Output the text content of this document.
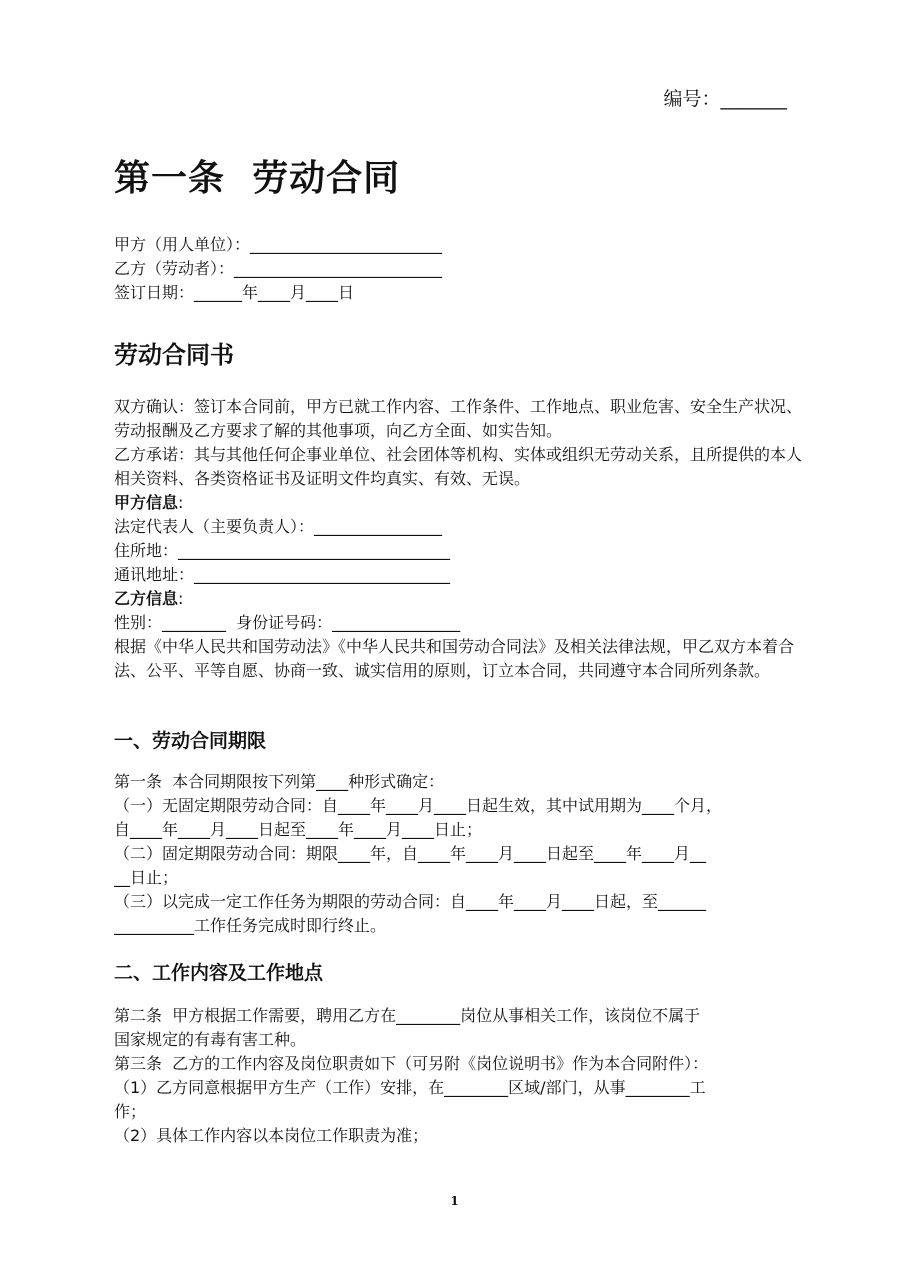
编号：_______
第一条  劳动合同
甲方（用人单位）：________________________
乙方（劳动者）：__________________________
签订日期：______年____月____日
劳动合同书
双方确认：签订本合同前，甲方已就工作内容、工作条件、工作地点、职业危害、安全生产状况、劳动报酬及乙方要求了解的其他事项，向乙方全面、如实告知。
乙方承诺：其与其他任何企事业单位、社会团体等机构、实体或组织无劳动关系，且所提供的本人相关资料、各类资格证书及证明文件均真实、有效、无误。
甲方信息:
法定代表人（主要负责人）：________________
住所地：__________________________________
通讯地址：________________________________
乙方信息:
性别：________  身份证号码：________________
根据《中华人民共和国劳动法》《中华人民共和国劳动合同法》及相关法律法规，甲乙双方本着合法、公平、平等自愿、协商一致、诚实信用的原则，订立本合同，共同遵守本合同所列条款。
一、劳动合同期限
第一条  本合同期限按下列第____种形式确定：
（一）无固定期限劳动合同：自____年____月____日起生效，其中试用期为____个月，
自____年____月____日起至____年____月____日止；
（二）固定期限劳动合同：期限____年，自____年____月____日起至____年____月__
__日止；
（三）以完成一定工作任务为期限的劳动合同：自____年____月____日起，至______
__________工作任务完成时即行终止。
二、工作内容及工作地点
第二条  甲方根据工作需要，聘用乙方在________岗位从事相关工作，该岗位不属于
国家规定的有毒有害工种。
第三条  乙方的工作内容及岗位职责如下（可另附《岗位说明书》作为本合同附件）：
（1）乙方同意根据甲方生产（工作）安排，在________区域/部门，从事________工
作；
（2）具体工作内容以本岗位工作职责为准；
1
